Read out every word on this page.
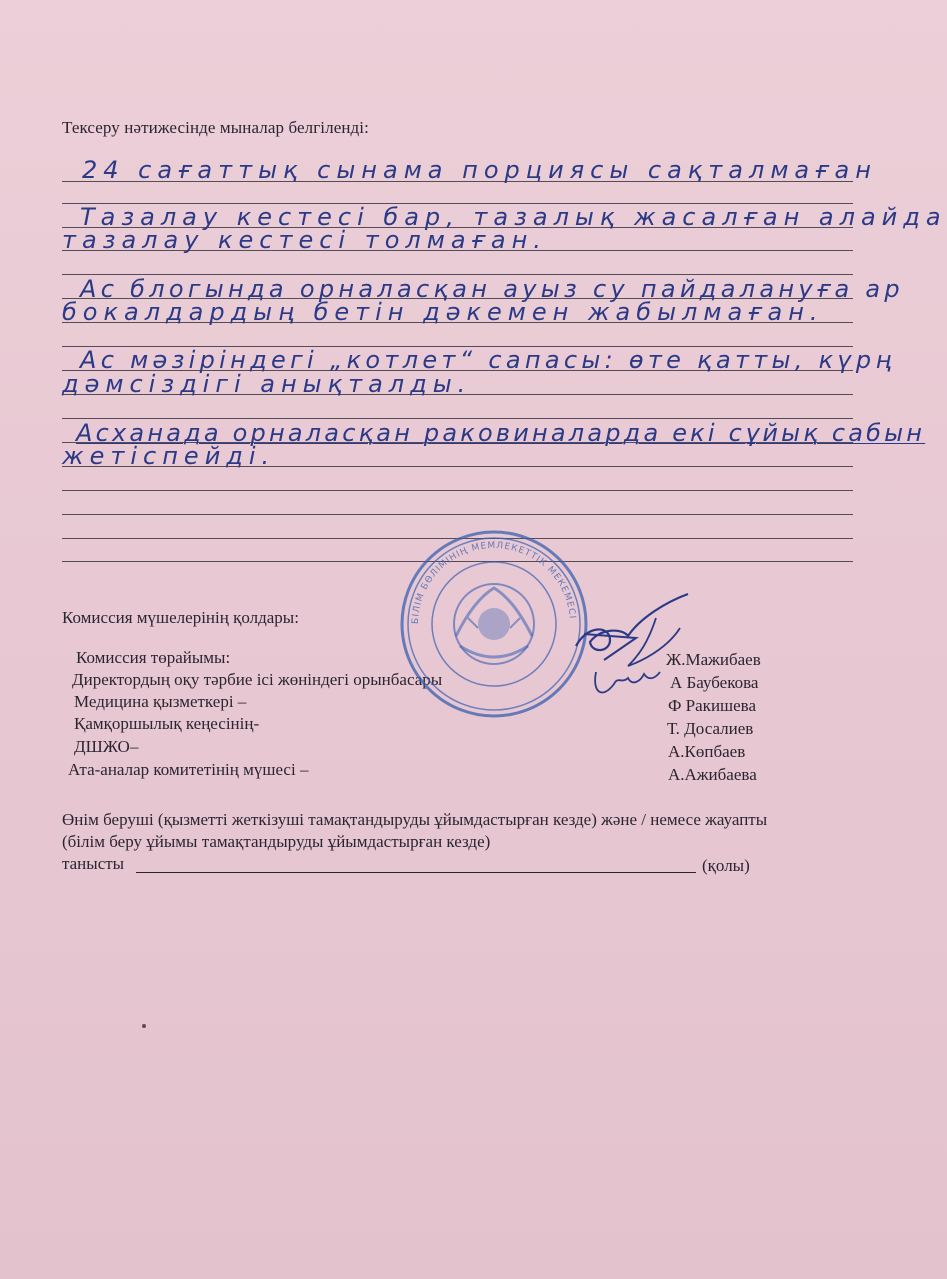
Тексеру нәтижесінде мыналар белгіленді:
24 сағаттық сынама порциясы сақталмаған
Тазалау кестесі бар, тазалық жасалған алайда
тазалау кестесі толмаған.
Ас блогында орналасқан ауыз су пайдалануға ар
бокалдардың бетін дәкемен жабылмаған.
Ас мәзіріндегі „котлет“ сапасы: өте қатты, күрң
дәмсіздігі анықталды.
Асханада орналасқан раковиналарда екі сұйық сабын
жетіспейді.
Комиссия мүшелерінің қолдары:
Комиссия төрайымы:
Директордың оқу тәрбие ісі жөніндегі орынбасары
Медицина қызметкері –
Қамқоршылық кеңесінің-
ДШЖО–
Ата-аналар комитетінің мүшесі –
Ж.Мажибаев
А Баубекова
Ф Ракишева
Т. Досалиев
А.Көпбаев
А.Ажибаева
БІЛІМ БӨЛІМІНІҢ МЕМЛЕКЕТТІК МЕКЕМЕСІ
Өнім беруші (қызметті жеткізуші тамақтандыруды ұйымдастырған кезде) және / немесе жауапты
(білім беру ұйымы тамақтандыруды ұйымдастырған кезде)
танысты	(қолы)
